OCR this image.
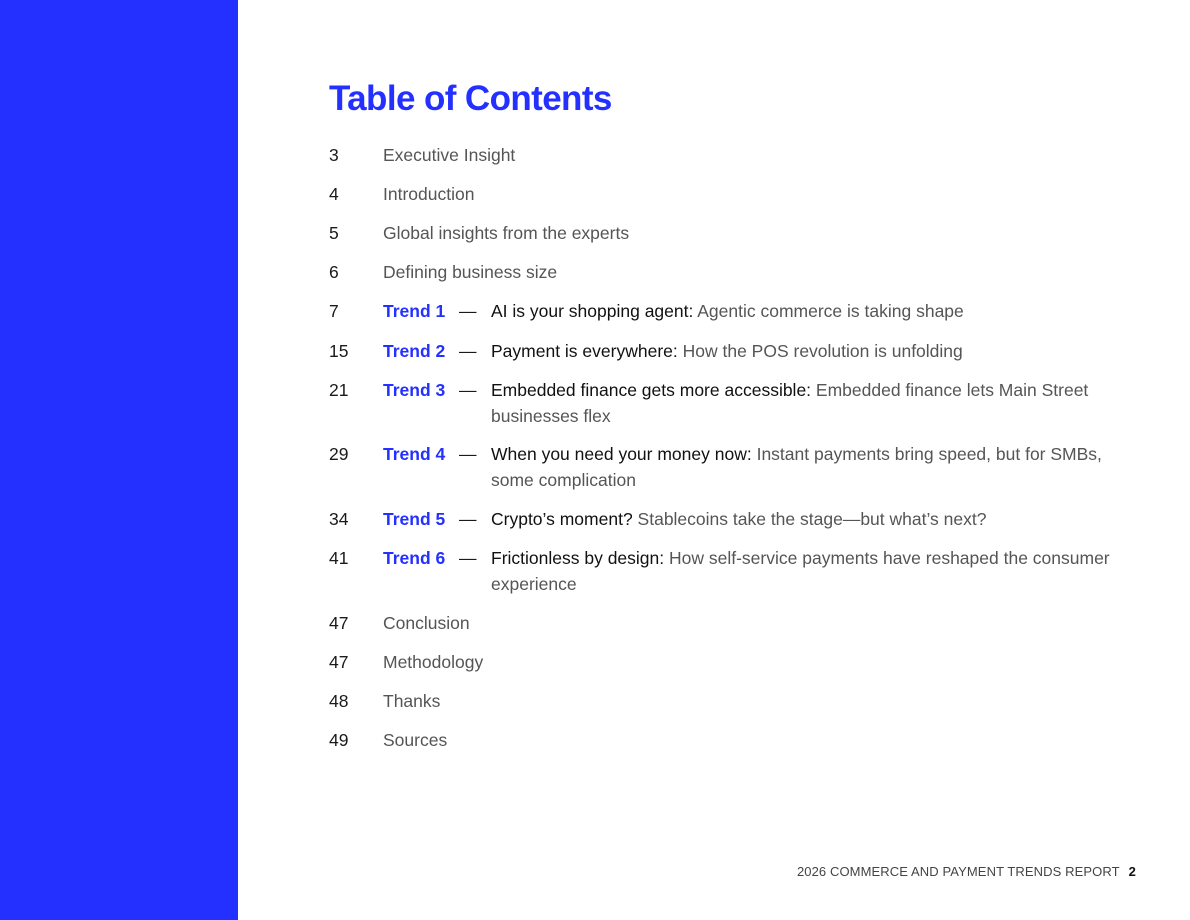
Table of Contents
3	Executive Insight
4	Introduction
5	Global insights from the experts
6	Defining business size
7	Trend 1 — AI is your shopping agent: Agentic commerce is taking shape
15 Trend 2 — Payment is everywhere: How the POS revolution is unfolding
21 Trend 3 — Embedded finance gets more accessible: Embedded finance lets Main Street businesses flex
29 Trend 4 — When you need your money now: Instant payments bring speed, but for SMBs, some complication
34 Trend 5 — Crypto’s moment? Stablecoins take the stage—but what’s next?
41 Trend 6 — Frictionless by design: How self-service payments have reshaped the consumer experience
47 Conclusion
47 Methodology
48 Thanks
49 Sources
2026 COMMERCE AND PAYMENT TRENDS REPORT 2
